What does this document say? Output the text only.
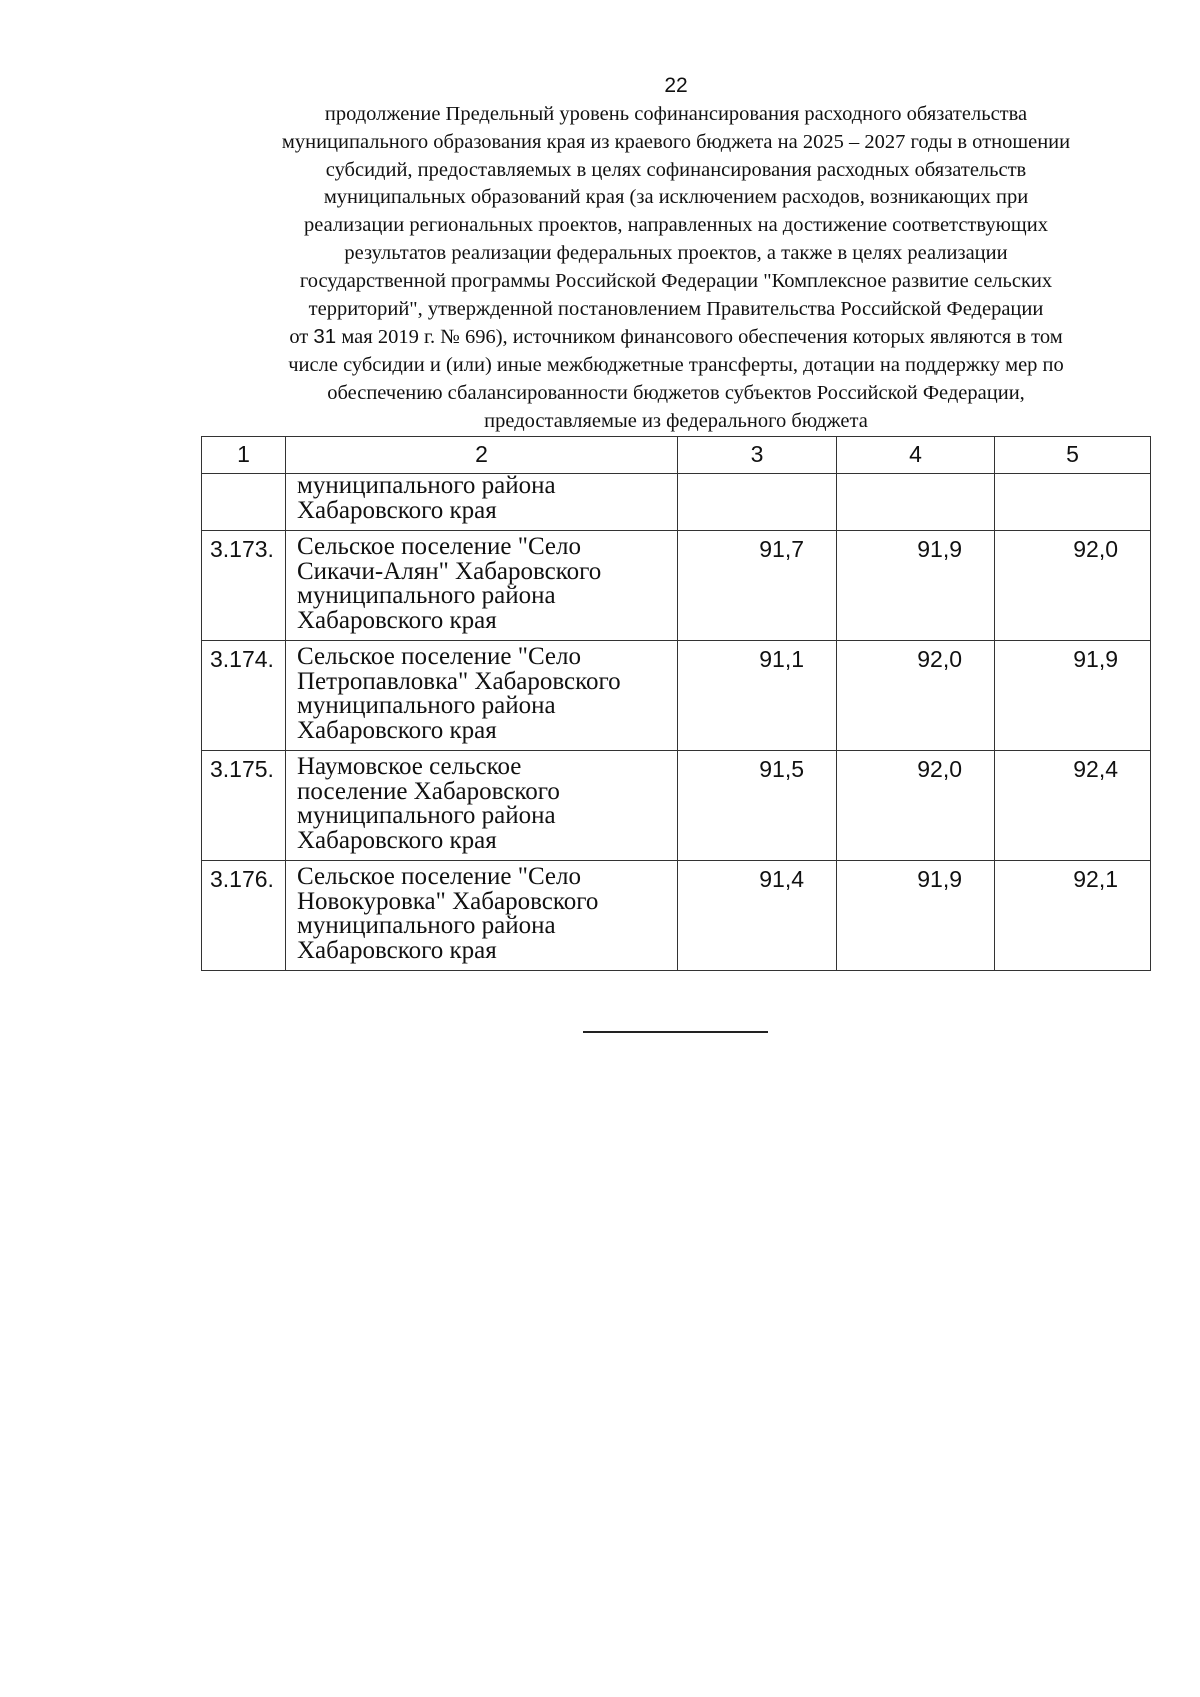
22
продолжение Предельный уровень софинансирования расходного обязательства
муниципального образования края из краевого бюджета на 2025 – 2027 годы в отношении
субсидий, предоставляемых в целях софинансирования расходных обязательств
муниципальных образований края (за исключением расходов, возникающих при
реализации региональных проектов, направленных на достижение соответствующих
результатов реализации федеральных проектов, а также в целях реализации
государственной программы Российской Федерации "Комплексное развитие сельских
территорий", утвержденной постановлением Правительства Российской Федерации
от 31 мая 2019 г. № 696), источником финансового обеспечения которых являются в том
числе субсидии и (или) иные межбюджетные трансферты, дотации на поддержку мер по
обеспечению сбалансированности бюджетов субъектов Российской Федерации,
предоставляемые из федерального бюджета
1	2	3	4	5

	муниципального района
Хабаровского края			

3.173.	Сельское поселение "Село
Сикачи-Алян" Хабаровского
муниципального района
Хабаровского края	91,7	91,9	92,0
3.174.	Сельское поселение "Село
Петропавловка" Хабаровского
муниципального района
Хабаровского края	91,1	92,0	91,9
3.175.	Наумовское сельское
поселение Хабаровского
муниципального района
Хабаровского края	91,5	92,0	92,4
3.176.	Сельское поселение "Село
Новокуровка" Хабаровского
муниципального района
Хабаровского края	91,4	91,9	92,1
